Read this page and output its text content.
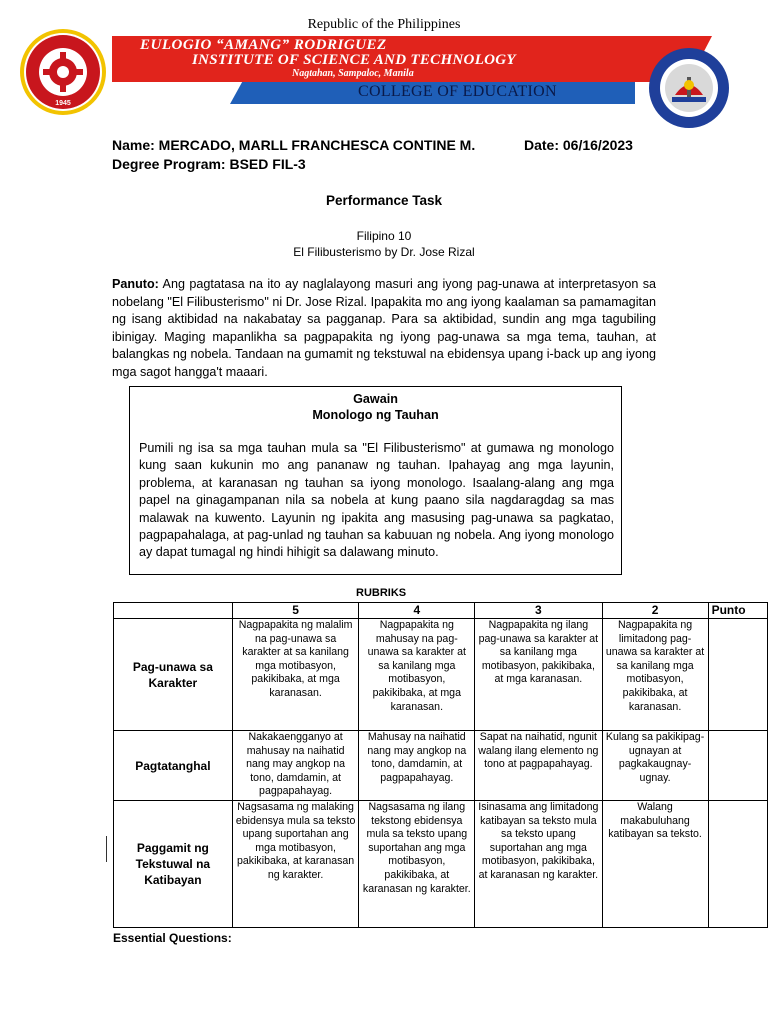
Republic of the Philippines
1945
EULOGIO “AMANG” RODRIGUEZ
INSTITUTE OF SCIENCE AND TECHNOLOGY
Nagtahan, Sampaloc, Manila
COLLEGE OF EDUCATION
Name: MERCADO, MARLL FRANCHESCA CONTINE M.	Date: 06/16/2023
Degree Program: BSED FIL-3
Performance Task
Filipino 10
El Filibusterismo by Dr. Jose Rizal
Panuto: Ang pagtatasa na ito ay naglalayong masuri ang iyong pag-unawa at interpretasyon sa nobelang "El Filibusterismo" ni Dr. Jose Rizal. Ipapakita mo ang iyong kaalaman sa pamamagitan ng isang aktibidad na nakabatay sa pagganap. Para sa aktibidad, sundin ang mga tagubiling ibinigay. Maging mapanlikha sa pagpapakita ng iyong pag-unawa sa mga tema, tauhan, at balangkas ng nobela. Tandaan na gumamit ng tekstuwal na ebidensya upang i-back up ang iyong mga sagot hangga't maaari.
Gawain
Monologo ng Tauhan
Pumili ng isa sa mga tauhan mula sa "El Filibusterismo" at gumawa ng monologo kung saan kukunin mo ang pananaw ng tauhan. Ipahayag ang mga layunin, problema, at karanasan ng tauhan sa iyong monologo. Isaalang-alang ang mga papel na ginagampanan nila sa nobela at kung paano sila nagdaragdag sa mas malawak na kuwento. Layunin ng ipakita ang masusing pag-unawa sa pagkatao, pagpapahalaga, at pag-unlad ng tauhan sa kabuuan ng nobela. Ang iyong monologo ay dapat tumagal ng hindi hihigit sa dalawang minuto.
RUBRIKS
	5	4	3	2	Punto
Pag-unawa sa Karakter	Nagpapakita ng malalim na pag-unawa sa karakter at sa kanilang mga motibasyon, pakikibaka, at mga karanasan.	Nagpapakita ng mahusay na pag-unawa sa karakter at sa kanilang mga motibasyon, pakikibaka, at mga karanasan.	Nagpapakita ng ilang pag-unawa sa karakter at sa kanilang mga motibasyon, pakikibaka, at mga karanasan.	Nagpapakita ng limitadong pag-unawa sa karakter at sa kanilang mga motibasyon, pakikibaka, at karanasan.	
Pagtatanghal	Nakakaengganyo at mahusay na naihatid nang may angkop na tono, damdamin, at pagpapahayag.	Mahusay na naihatid nang may angkop na tono, damdamin, at pagpapahayag.	Sapat na naihatid, ngunit walang ilang elemento ng tono at pagpapahayag.	Kulang sa pakikipag-ugnayan at pagkakaugnay-ugnay.	
Paggamit ng Tekstuwal na Katibayan	Nagsasama ng malaking ebidensya mula sa teksto upang suportahan ang mga motibasyon, pakikibaka, at karanasan ng karakter.	Nagsasama ng ilang tekstong ebidensya mula sa teksto upang suportahan ang mga motibasyon, pakikibaka, at karanasan ng karakter.	Isinasama ang limitadong katibayan sa teksto mula sa teksto upang suportahan ang mga motibasyon, pakikibaka, at karanasan ng karakter.	Walang makabuluhang katibayan sa teksto.	
Essential Questions:
